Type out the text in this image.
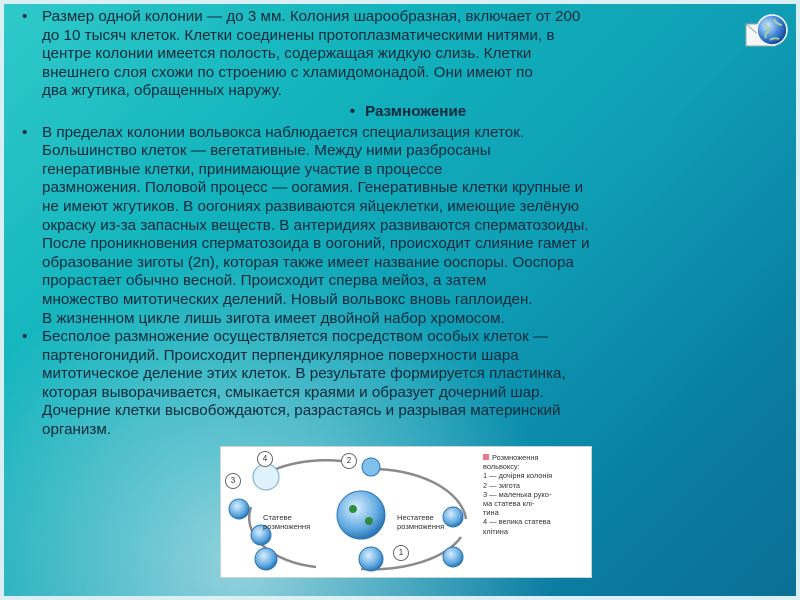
• Размер одной колонии — до 3 мм. Колония шарообразная, включает от 200
до 10 тысяч клеток. Клетки соединены протоплазматическими нитями, в
центре колонии имеется полость, содержащая жидкую слизь. Клетки
внешнего слоя схожи по строению с хламидомонадой. Они имеют по
два жгутика, обращенных наружу.

• Размножение

• В пределах колонии вольвокса наблюдается специализация клеток.
Большинство клеток — вегетативные. Между ними разбросаны
генеративные клетки, принимающие участие в процессе
размножения. Половой процесс — оогамия. Генеративные клетки крупные и
не имеют жгутиков. В оогониях развиваются яйцеклетки, имеющие зелёную
окраску из-за запасных веществ. В антеридиях развиваются сперматозоиды.
После проникновения сперматозоида в оогоний, происходит слияние гамет и
образование зиготы (2n), которая также имеет название ооспоры. Ооспора
прорастает обычно весной. Происходит сперва мейоз, а затем
множество митотических делений. Новый вольвокс вновь гаплоиден.
В жизненном цикле лишь зигота имеет двойной набор хромосом.

• Бесполое размножение осуществляется посредством особых клеток —
партеногонидий. Происходит перпендикулярное поверхности шара
митотическое деление этих клеток. В результате формируется пластинка,
которая выворачивается, смыкается краями и образует дочерний шар.
Дочерние клетки высвобождаются, разрастаясь и разрывая материнский
организм.

4	2
3
1
Статеве
розмноження
Нестатеве
розмноження
Розмноження
вольвоксу:
1 — дочірня колонія
2 — зигота
3 — маленька руко-
ма статева клі-
тина
4 — велика статева
клітина
